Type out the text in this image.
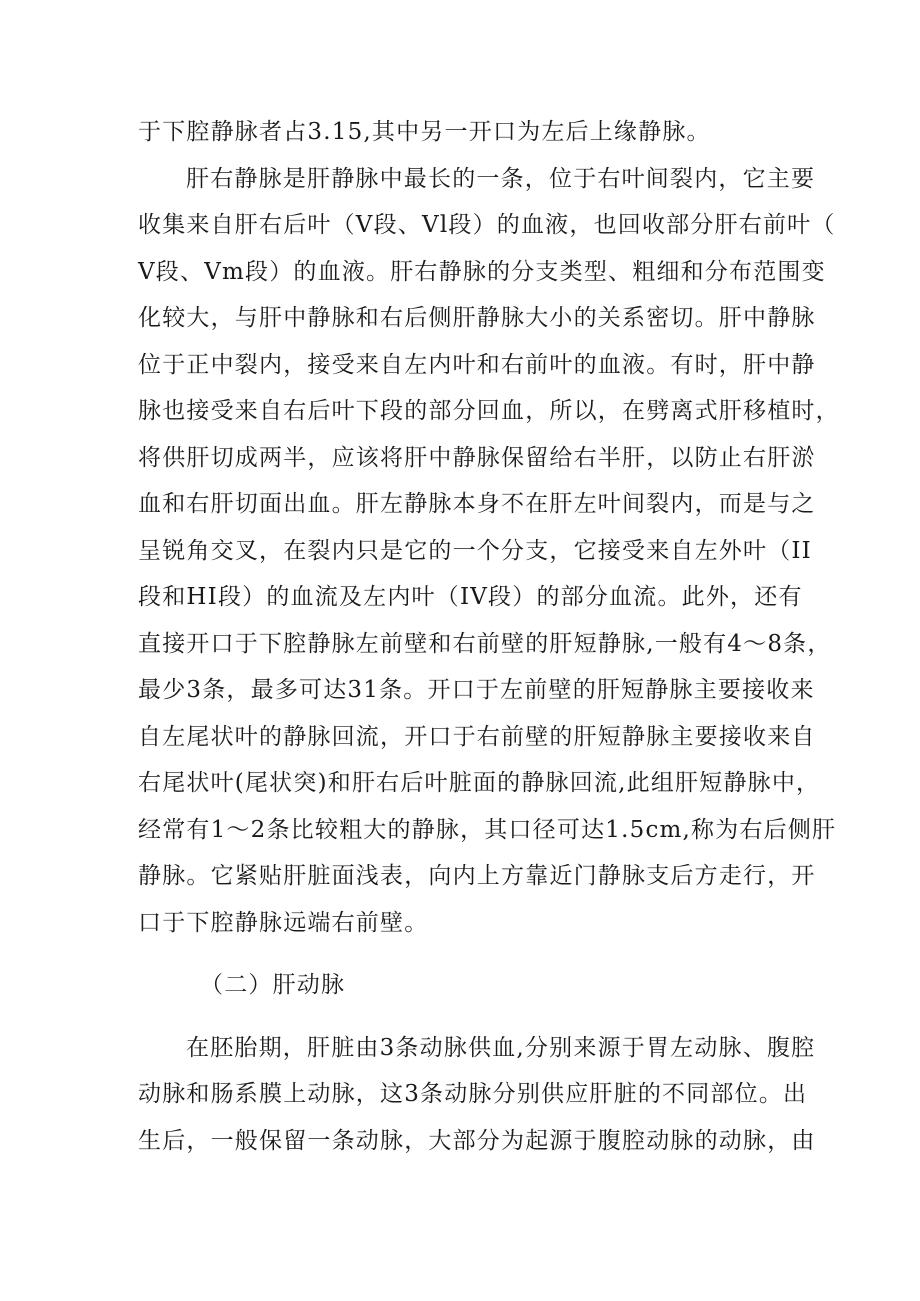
于下腔静脉者占3.15,其中另一开口为左后上缘静脉。
肝右静脉是肝静脉中最长的一条，位于右叶间裂内，它主要
收集来自肝右后叶（V段、Vl段）的血液，也回收部分肝右前叶（
V段、Vm段）的血液。肝右静脉的分支类型、粗细和分布范围变
化较大，与肝中静脉和右后侧肝静脉大小的关系密切。肝中静脉
位于正中裂内，接受来自左内叶和右前叶的血液。有时，肝中静
脉也接受来自右后叶下段的部分回血，所以，在劈离式肝移植时，
将供肝切成两半，应该将肝中静脉保留给右半肝，以防止右肝淤
血和右肝切面出血。肝左静脉本身不在肝左叶间裂内，而是与之
呈锐角交叉，在裂内只是它的一个分支，它接受来自左外叶（II
段和HI段）的血流及左内叶（IV段）的部分血流。此外，还有
直接开口于下腔静脉左前壁和右前壁的肝短静脉,一般有4～8条，
最少3条，最多可达31条。开口于左前壁的肝短静脉主要接收来
自左尾状叶的静脉回流，开口于右前壁的肝短静脉主要接收来自
右尾状叶(尾状突)和肝右后叶脏面的静脉回流,此组肝短静脉中，
经常有1～2条比较粗大的静脉，其口径可达1.5cm,称为右后侧肝
静脉。它紧贴肝脏面浅表，向内上方靠近门静脉支后方走行，开
口于下腔静脉远端右前壁。
（二）肝动脉
在胚胎期，肝脏由3条动脉供血,分别来源于胃左动脉、腹腔
动脉和肠系膜上动脉，这3条动脉分别供应肝脏的不同部位。出
生后，一般保留一条动脉，大部分为起源于腹腔动脉的动脉，由
